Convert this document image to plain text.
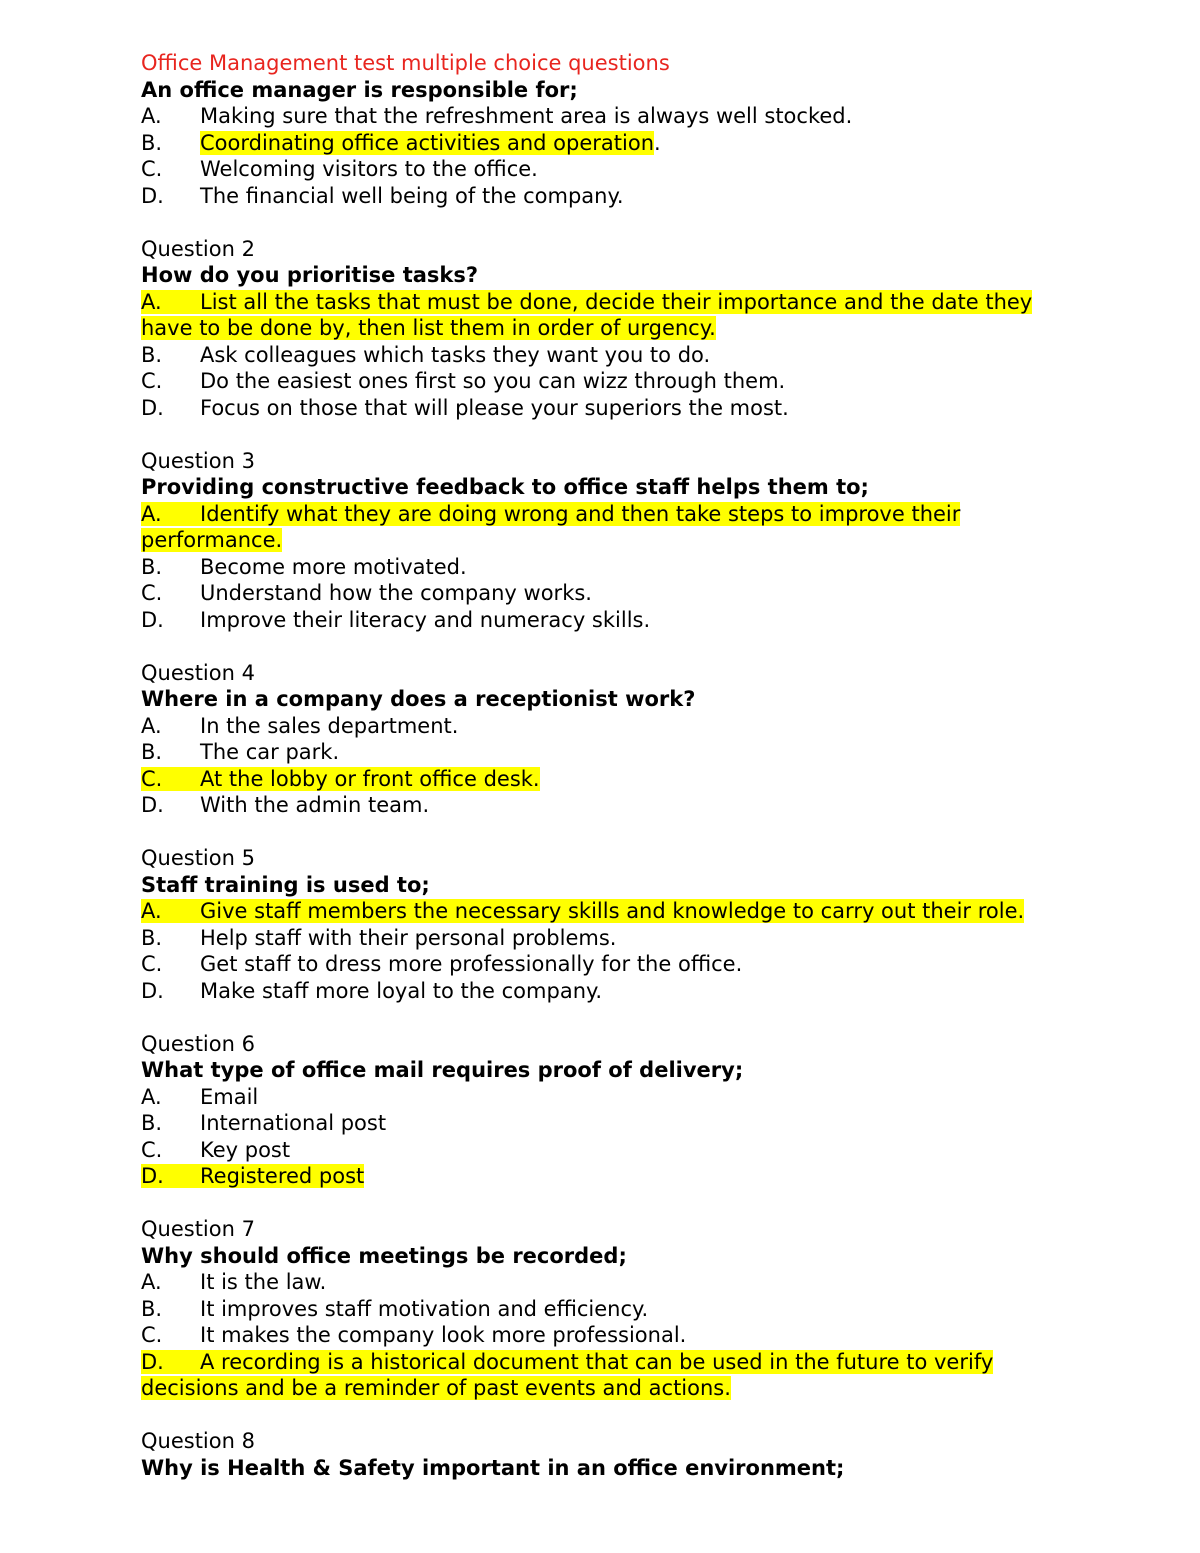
Office Management test multiple choice questions
An office manager is responsible for;
A. Making sure that the refreshment area is always well stocked.
B. Coordinating office activities and operation.
C. Welcoming visitors to the office.
D. The financial well being of the company.
Question 2
How do you prioritise tasks?
A. List all the tasks that must be done, decide their importance and the date they have to be done by, then list them in order of urgency.
B. Ask colleagues which tasks they want you to do.
C. Do the easiest ones first so you can wizz through them.
D. Focus on those that will please your superiors the most.
Question 3
Providing constructive feedback to office staff helps them to;
A. Identify what they are doing wrong and then take steps to improve their performance.
B. Become more motivated.
C. Understand how the company works.
D. Improve their literacy and numeracy skills.
Question 4
Where in a company does a receptionist work?
A. In the sales department.
B. The car park.
C. At the lobby or front office desk.
D. With the admin team.
Question 5
Staff training is used to;
A. Give staff members the necessary skills and knowledge to carry out their role.
B. Help staff with their personal problems.
C. Get staff to dress more professionally for the office.
D. Make staff more loyal to the company.
Question 6
What type of office mail requires proof of delivery;
A. Email
B. International post
C. Key post
D. Registered post
Question 7
Why should office meetings be recorded;
A. It is the law.
B. It improves staff motivation and efficiency.
C. It makes the company look more professional.
D. A recording is a historical document that can be used in the future to verify decisions and be a reminder of past events and actions.
Question 8
Why is Health & Safety important in an office environment;
